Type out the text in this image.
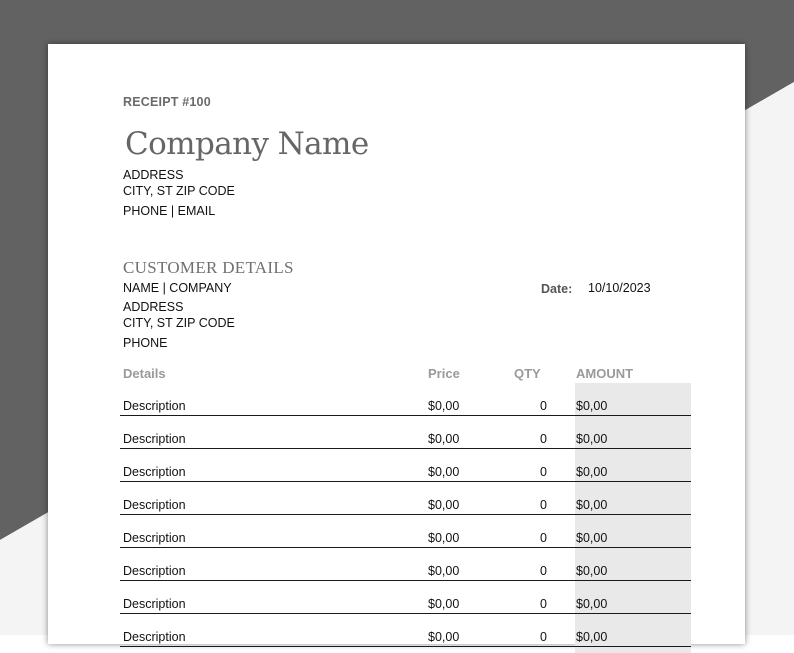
RECEIPT #100
Company Name
ADDRESS
CITY, ST ZIP CODE
PHONE | EMAIL
CUSTOMER DETAILS
NAME | COMPANY
ADDRESS
CITY, ST ZIP CODE
PHONE
Date: 10/10/2023
Details	Price	QTY	AMOUNT
Description	$0,00	0 $0,00
Description	$0,00	0 $0,00
Description	$0,00	0 $0,00
Description	$0,00	0 $0,00
Description	$0,00	0 $0,00
Description	$0,00	0 $0,00
Description	$0,00	0 $0,00
Description	$0,00	0 $0,00
